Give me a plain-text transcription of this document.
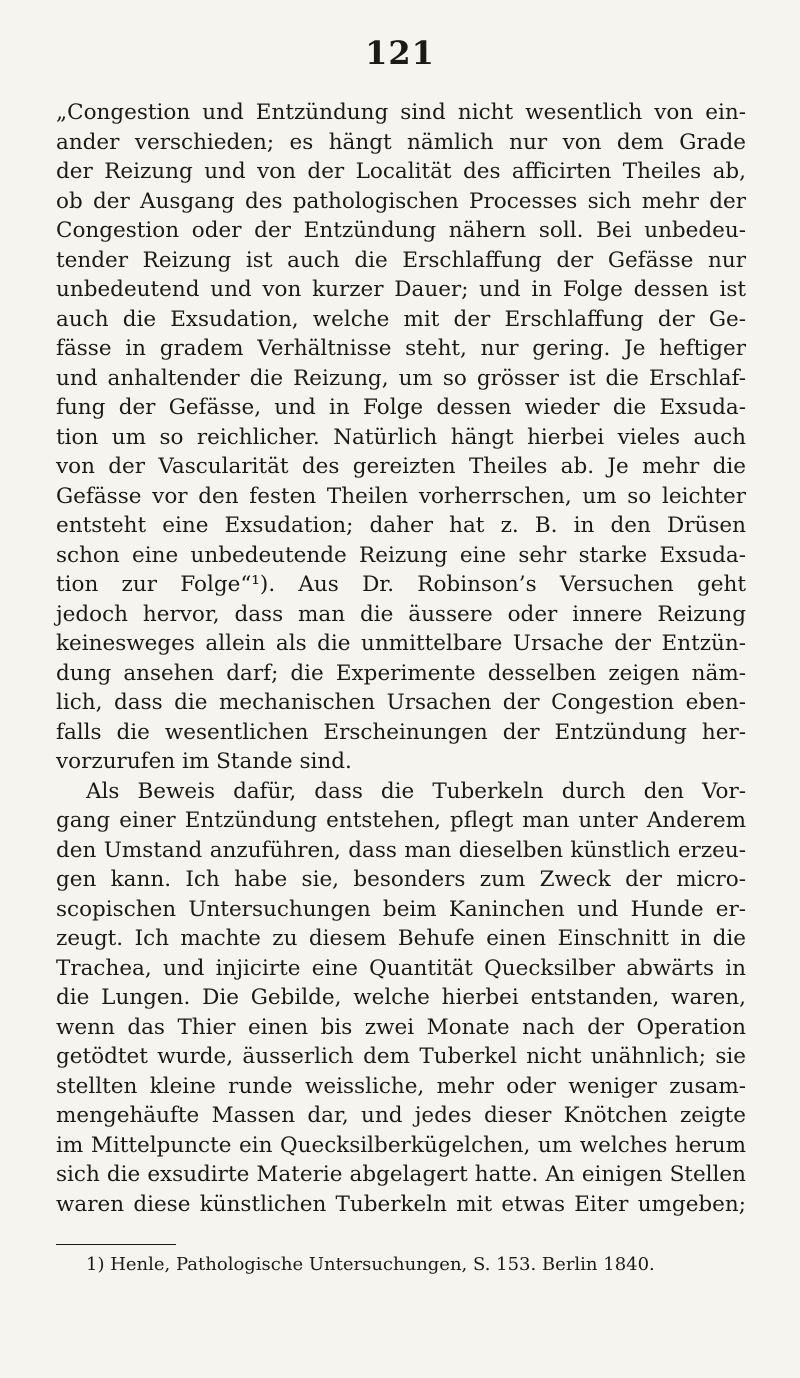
121
„Congestion und Entzündung sind nicht wesentlich von ein-
ander verschieden; es hängt nämlich nur von dem Grade
der Reizung und von der Localität des afficirten Theiles ab,
ob der Ausgang des pathologischen Processes sich mehr der
Congestion oder der Entzündung nähern soll. Bei unbedeu-
tender Reizung ist auch die Erschlaffung der Gefässe nur
unbedeutend und von kurzer Dauer; und in Folge dessen ist
auch die Exsudation, welche mit der Erschlaffung der Ge-
fässe in gradem Verhältnisse steht, nur gering. Je heftiger
und anhaltender die Reizung, um so grösser ist die Erschlaf-
fung der Gefässe, und in Folge dessen wieder die Exsuda-
tion um so reichlicher. Natürlich hängt hierbei vieles auch
von der Vascularität des gereizten Theiles ab. Je mehr die
Gefässe vor den festen Theilen vorherrschen, um so leichter
entsteht eine Exsudation; daher hat z. B. in den Drüsen
schon eine unbedeutende Reizung eine sehr starke Exsuda-
tion zur Folge“¹). Aus Dr. Robinson’s Versuchen geht
jedoch hervor, dass man die äussere oder innere Reizung
keinesweges allein als die unmittelbare Ursache der Entzün-
dung ansehen darf; die Experimente desselben zeigen näm-
lich, dass die mechanischen Ursachen der Congestion eben-
falls die wesentlichen Erscheinungen der Entzündung her-
vorzurufen im Stande sind.
Als Beweis dafür, dass die Tuberkeln durch den Vor-
gang einer Entzündung entstehen, pflegt man unter Anderem
den Umstand anzuführen, dass man dieselben künstlich erzeu-
gen kann. Ich habe sie, besonders zum Zweck der micro-
scopischen Untersuchungen beim Kaninchen und Hunde er-
zeugt. Ich machte zu diesem Behufe einen Einschnitt in die
Trachea, und injicirte eine Quantität Quecksilber abwärts in
die Lungen. Die Gebilde, welche hierbei entstanden, waren,
wenn das Thier einen bis zwei Monate nach der Operation
getödtet wurde, äusserlich dem Tuberkel nicht unähnlich; sie
stellten kleine runde weissliche, mehr oder weniger zusam-
mengehäufte Massen dar, und jedes dieser Knötchen zeigte
im Mittelpuncte ein Quecksilberkügelchen, um welches herum
sich die exsudirte Materie abgelagert hatte. An einigen Stellen
waren diese künstlichen Tuberkeln mit etwas Eiter umgeben;
1) Henle, Pathologische Untersuchungen, S. 153. Berlin 1840.
